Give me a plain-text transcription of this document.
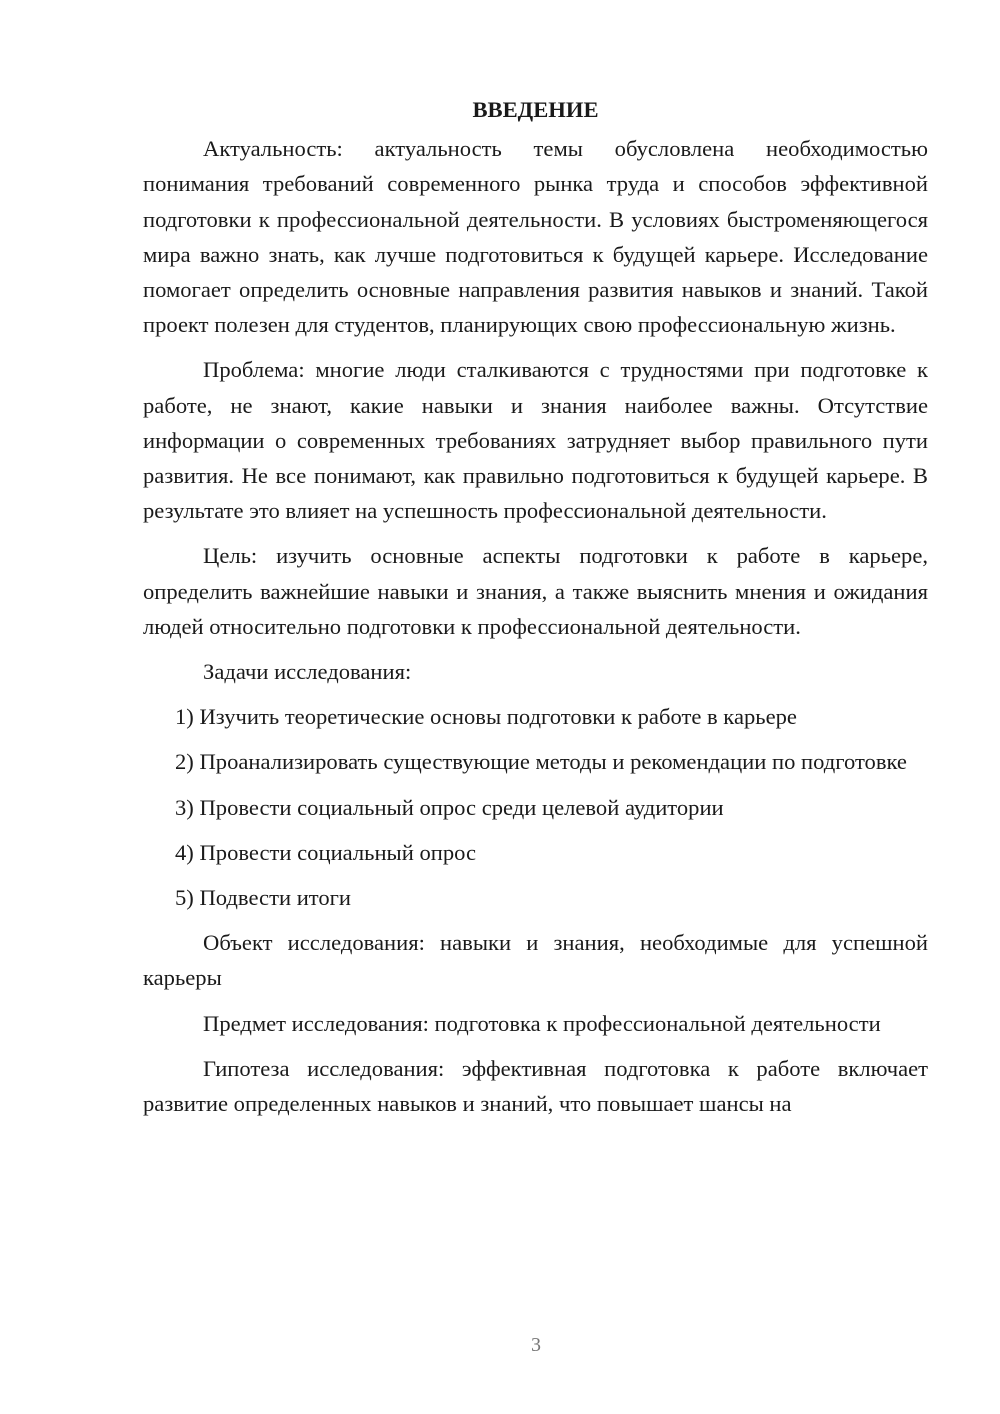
ВВЕДЕНИЕ

Актуальность: актуальность темы обусловлена необходимостью понимания требований современного рынка труда и способов эффективной подготовки к профессиональной деятельности. В условиях быстроменяющегося мира важно знать, как лучше подготовиться к будущей карьере. Исследование помогает определить основные направления развития навыков и знаний. Такой проект полезен для студентов, планирующих свою профессиональную жизнь.

Проблема: многие люди сталкиваются с трудностями при подготовке к работе, не знают, какие навыки и знания наиболее важны. Отсутствие информации о современных требованиях затрудняет выбор правильного пути развития. Не все понимают, как правильно подготовиться к будущей карьере. В результате это влияет на успешность профессиональной деятельности.

Цель: изучить основные аспекты подготовки к работе в карьере, определить важнейшие навыки и знания, а также выяснить мнения и ожидания людей относительно подготовки к профессиональной деятельности.

Задачи исследования:

1) Изучить теоретические основы подготовки к работе в карьере

2) Проанализировать существующие методы и рекомендации по подготовке

3) Провести социальный опрос среди целевой аудитории

4) Провести социальный опрос

5) Подвести итоги

Объект исследования: навыки и знания, необходимые для успешной карьеры

Предмет исследования: подготовка к профессиональной деятельности

Гипотеза исследования: эффективная подготовка к работе включает развитие определенных навыков и знаний, что повышает шансы на

3
